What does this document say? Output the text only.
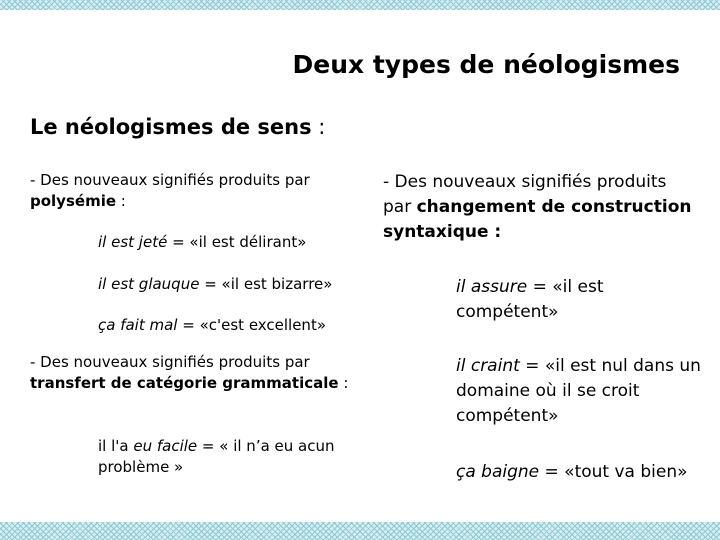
Deux types de néologismes
Le néologismes de sens :

- Des nouveaux signifiés produits par polysémie :

il est jeté = «il est délirant»

il est glauque = «il est bizarre»

ça fait mal = «c'est excellent»

- Des nouveaux signifiés produits par transfert de catégorie grammaticale :

il l'a eu facile = « il n’a eu acun problème »

- Des nouveaux signifiés produits par changement de construction syntaxique :

il assure = «il est compétent»

il craint = «il est nul dans un domaine où il se croit compétent»

ça baigne = «tout va bien»
